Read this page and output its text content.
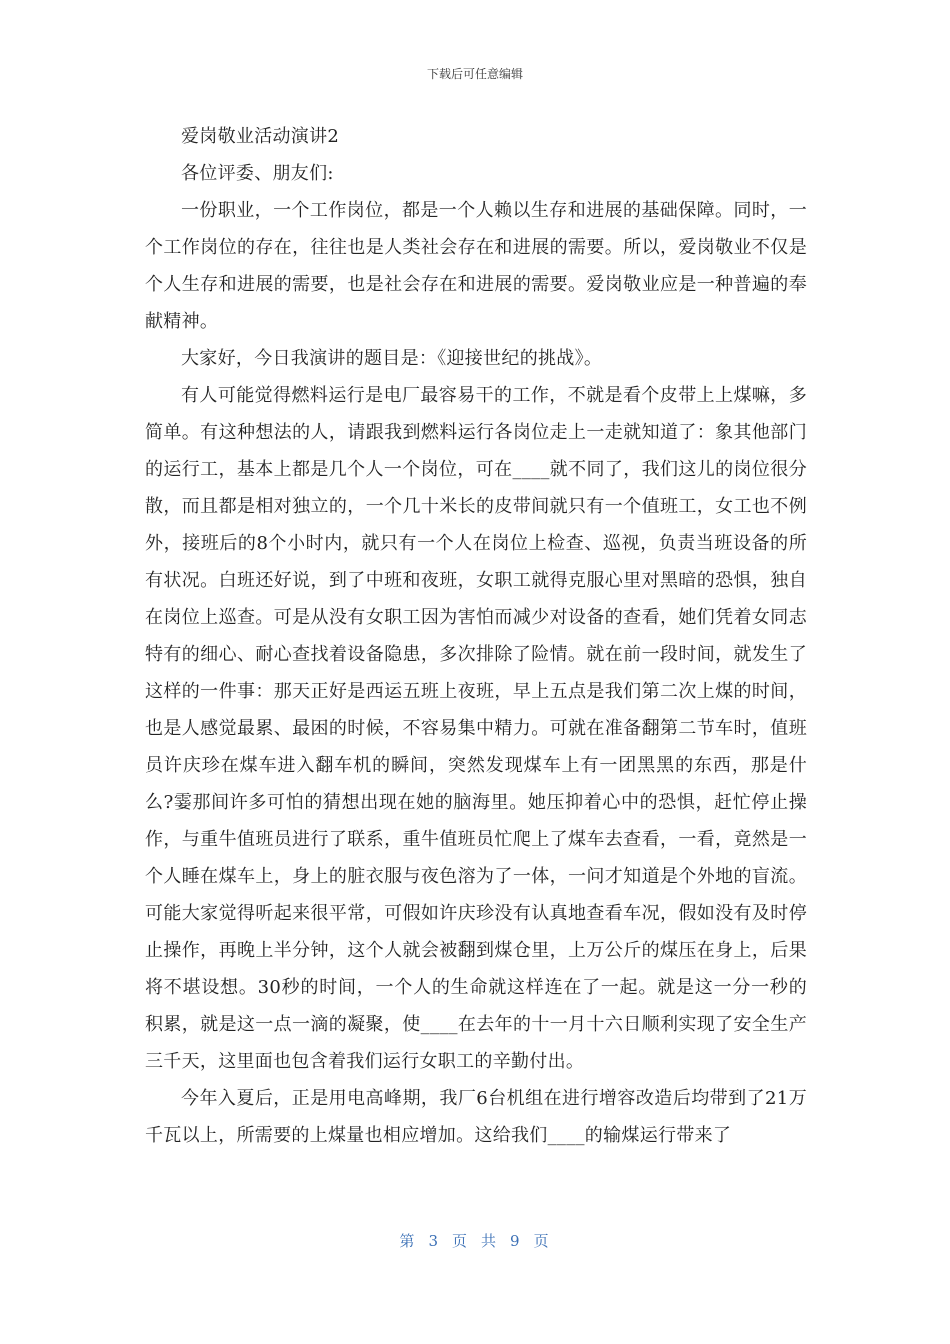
下载后可任意编辑

爱岗敬业活动演讲2

各位评委、朋友们:

一份职业，一个工作岗位，都是一个人赖以生存和进展的基础保障。同时，一个工作岗位的存在，往往也是人类社会存在和进展的需要。所以，爱岗敬业不仅是个人生存和进展的需要，也是社会存在和进展的需要。爱岗敬业应是一种普遍的奉献精神。

大家好，今日我演讲的题目是：《迎接世纪的挑战》。

有人可能觉得燃料运行是电厂最容易干的工作，不就是看个皮带上上煤嘛，多简单。有这种想法的人，请跟我到燃料运行各岗位走上一走就知道了：象其他部门的运行工，基本上都是几个人一个岗位，可在____就不同了，我们这儿的岗位很分散，而且都是相对独立的，一个几十米长的皮带间就只有一个值班工，女工也不例外，接班后的8个小时内，就只有一个人在岗位上检查、巡视，负责当班设备的所有状况。白班还好说，到了中班和夜班，女职工就得克服心里对黑暗的恐惧，独自在岗位上巡查。可是从没有女职工因为害怕而减少对设备的查看，她们凭着女同志特有的细心、耐心查找着设备隐患，多次排除了险情。就在前一段时间，就发生了这样的一件事：那天正好是西运五班上夜班，早上五点是我们第二次上煤的时间，也是人感觉最累、最困的时候，不容易集中精力。可就在准备翻第二节车时，值班员许庆珍在煤车进入翻车机的瞬间，突然发现煤车上有一团黑黑的东西，那是什么?霎那间许多可怕的猜想出现在她的脑海里。她压抑着心中的恐惧，赶忙停止操作，与重牛值班员进行了联系，重牛值班员忙爬上了煤车去查看，一看，竟然是一个人睡在煤车上，身上的脏衣服与夜色溶为了一体，一问才知道是个外地的盲流。可能大家觉得听起来很平常，可假如许庆珍没有认真地查看车况，假如没有及时停止操作，再晚上半分钟，这个人就会被翻到煤仓里，上万公斤的煤压在身上，后果将不堪设想。30秒的时间，一个人的生命就这样连在了一起。就是这一分一秒的积累，就是这一点一滴的凝聚，使____在去年的十一月十六日顺利实现了安全生产三千天，这里面也包含着我们运行女职工的辛勤付出。

今年入夏后，正是用电高峰期，我厂6台机组在进行增容改造后均带到了21万千瓦以上，所需要的上煤量也相应增加。这给我们____的输煤运行带来了

第 3 页 共 9 页
